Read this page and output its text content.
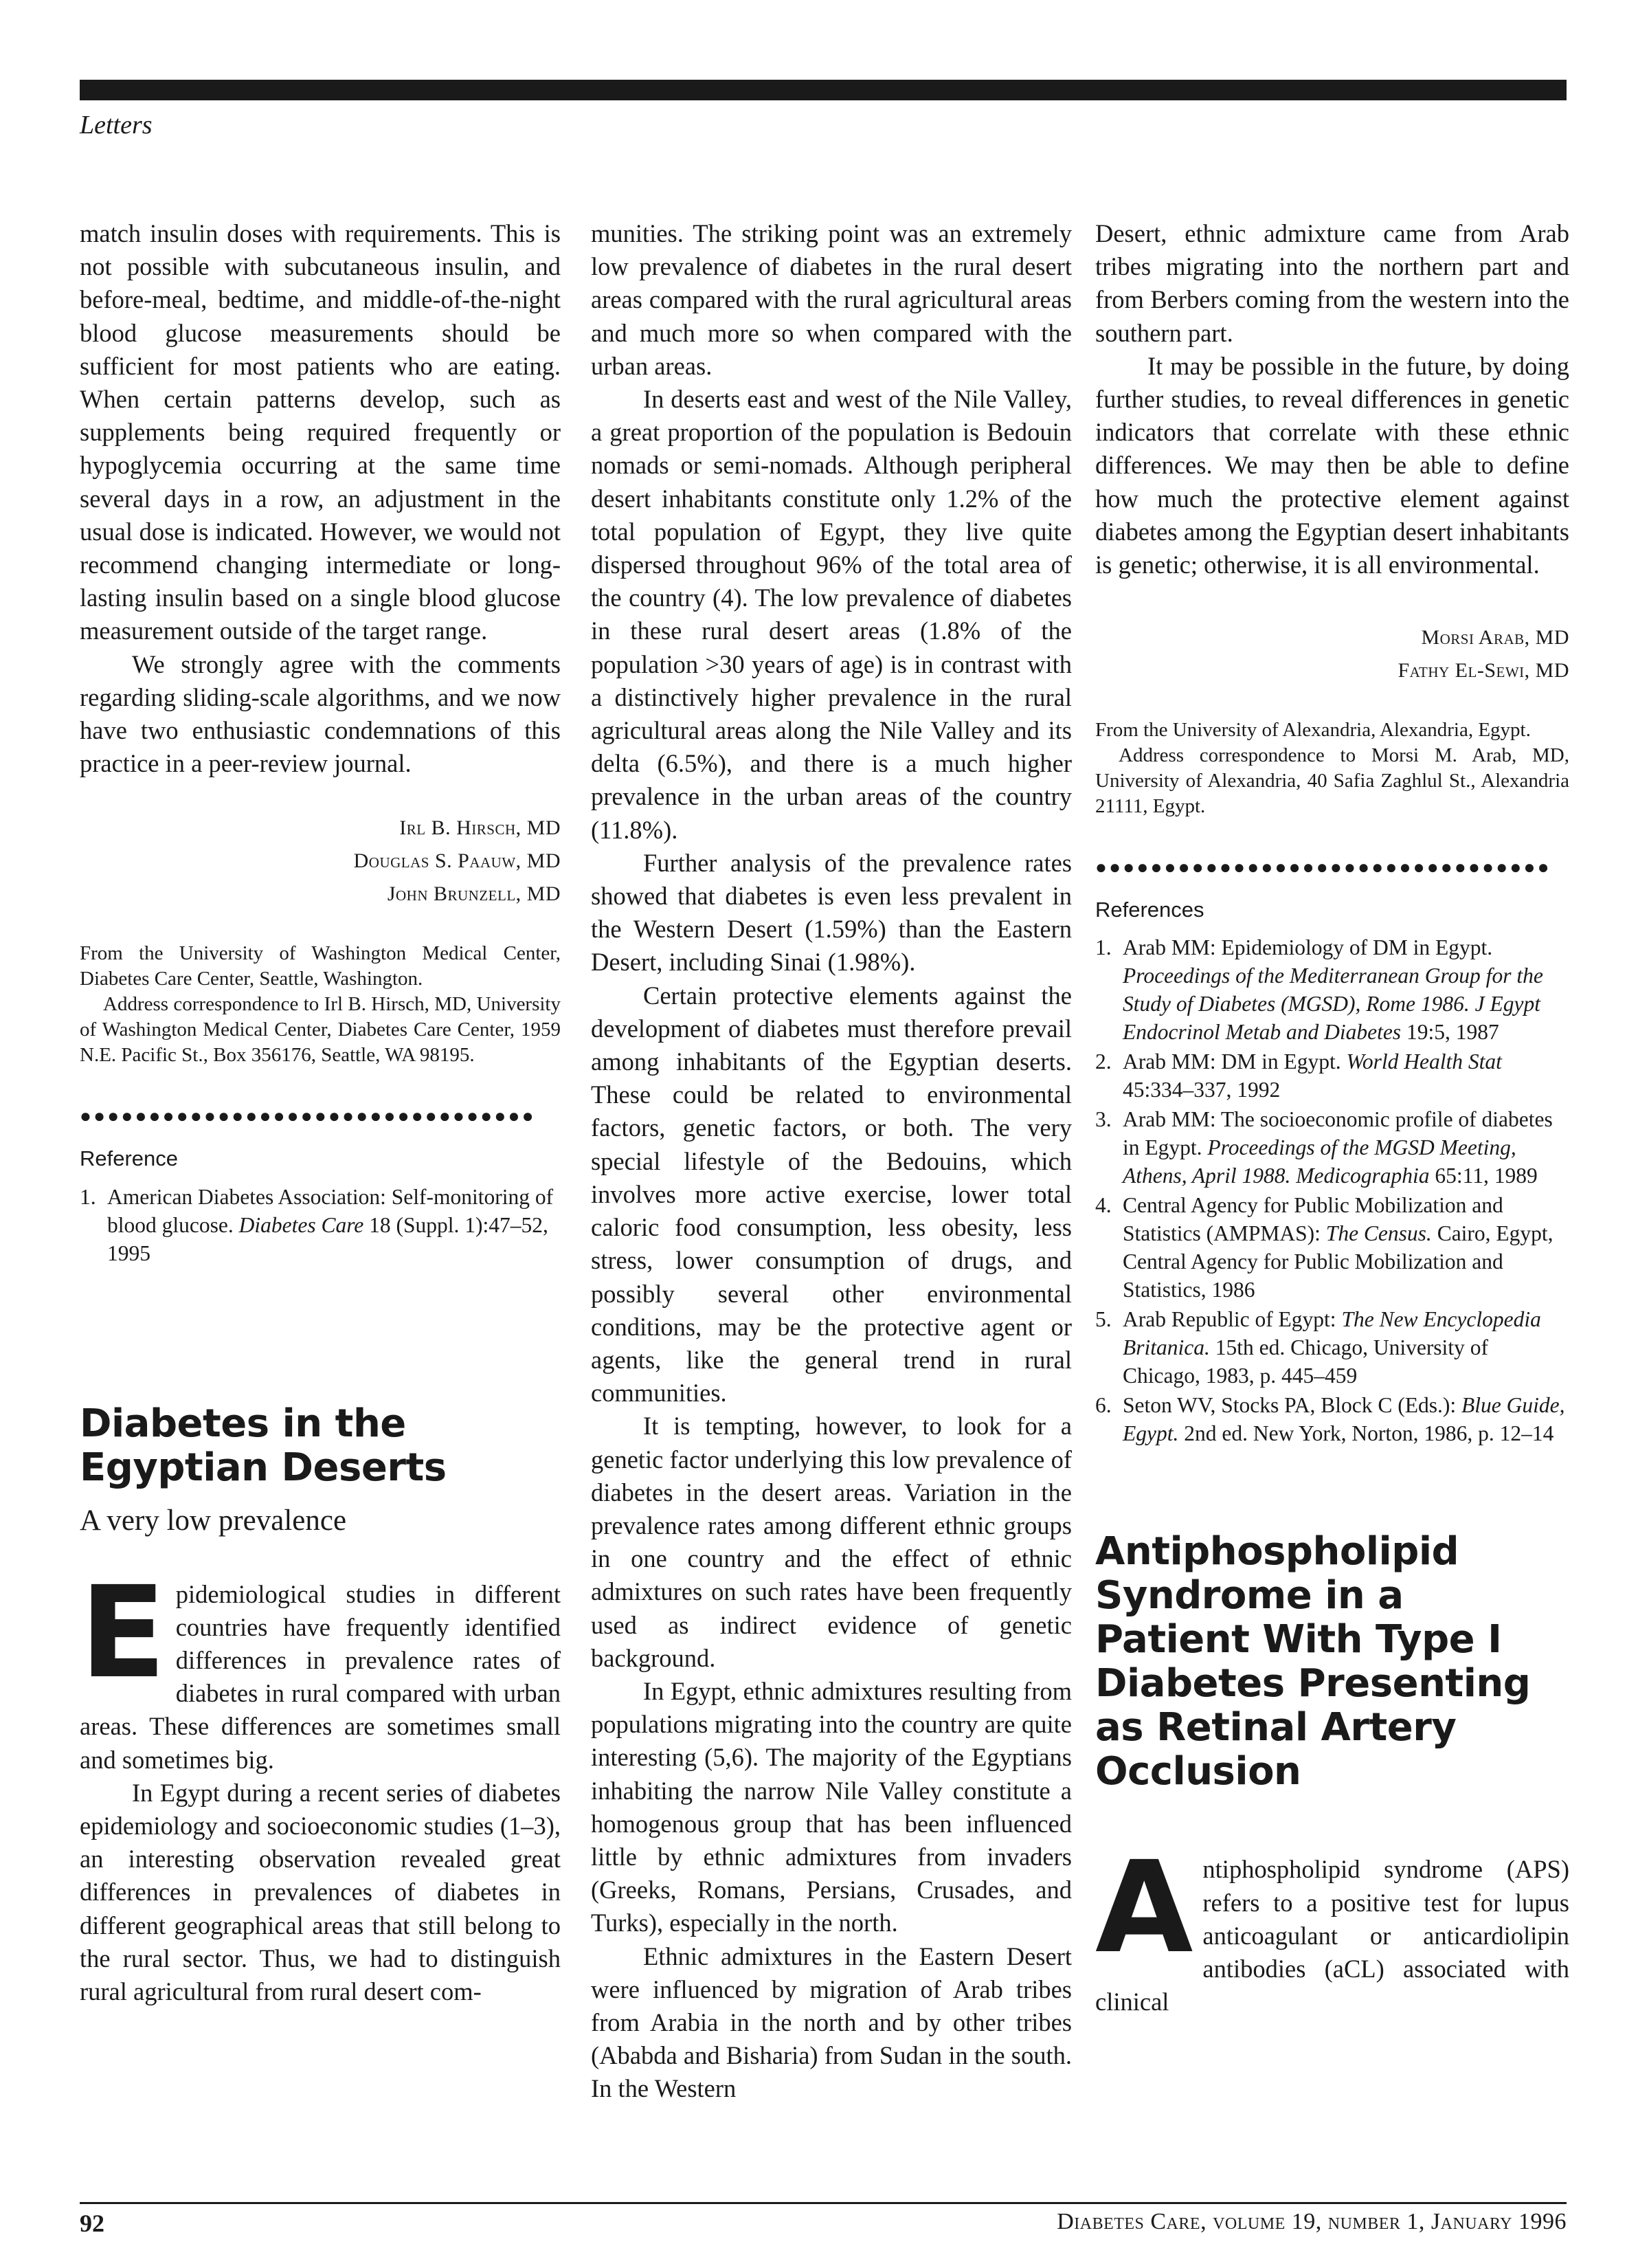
Letters

match insulin doses with requirements. This is not possible with subcutaneous insulin, and before-meal, bedtime, and middle-of-the-night blood glucose measurements should be sufficient for most patients who are eating. When certain patterns develop, such as supplements being required frequently or hypoglycemia occurring at the same time several days in a row, an adjustment in the usual dose is indicated. However, we would not recommend changing intermediate or long-lasting insulin based on a single blood glucose measurement outside of the target range.

We strongly agree with the comments regarding sliding-scale algorithms, and we now have two enthusiastic condemnations of this practice in a peer-review journal.

Irl B. Hirsch, MD
Douglas S. Paauw, MD
John Brunzell, MD

From the University of Washington Medical Center, Diabetes Care Center, Seattle, Washington.

Address correspondence to Irl B. Hirsch, MD, University of Washington Medical Center, Diabetes Care Center, 1959 N.E. Pacific St., Box 356176, Seattle, WA 98195.

●●●●●●●●●●●●●●●●●●●●●●●●●●●●●●●●●
Reference
1. American Diabetes Association: Self-monitoring of blood glucose. Diabetes Care 18 (Suppl. 1):47–52, 1995
Diabetes in the Egyptian Deserts
A very low prevalence

Epidemiological studies in different countries have frequently identified differences in prevalence rates of diabetes in rural compared with urban areas. These differences are sometimes small and sometimes big.

In Egypt during a recent series of diabetes epidemiology and socioeconomic studies (1–3), an interesting observation revealed great differences in prevalences of diabetes in different geographical areas that still belong to the rural sector. Thus, we had to distinguish rural agricultural from rural desert com-

munities. The striking point was an extremely low prevalence of diabetes in the rural desert areas compared with the rural agricultural areas and much more so when compared with the urban areas.

In deserts east and west of the Nile Valley, a great proportion of the population is Bedouin nomads or semi-nomads. Although peripheral desert inhabitants constitute only 1.2% of the total population of Egypt, they live quite dispersed throughout 96% of the total area of the country (4). The low prevalence of diabetes in these rural desert areas (1.8% of the population >30 years of age) is in contrast with a distinctively higher prevalence in the rural agricultural areas along the Nile Valley and its delta (6.5%), and there is a much higher prevalence in the urban areas of the country (11.8%).

Further analysis of the prevalence rates showed that diabetes is even less prevalent in the Western Desert (1.59%) than the Eastern Desert, including Sinai (1.98%).

Certain protective elements against the development of diabetes must therefore prevail among inhabitants of the Egyptian deserts. These could be related to environmental factors, genetic factors, or both. The very special lifestyle of the Bedouins, which involves more active exercise, lower total caloric food consumption, less obesity, less stress, lower consumption of drugs, and possibly several other environmental conditions, may be the protective agent or agents, like the general trend in rural communities.

It is tempting, however, to look for a genetic factor underlying this low prevalence of diabetes in the desert areas. Variation in the prevalence rates among different ethnic groups in one country and the effect of ethnic admixtures on such rates have been frequently used as indirect evidence of genetic background.

In Egypt, ethnic admixtures resulting from populations migrating into the country are quite interesting (5,6). The majority of the Egyptians inhabiting the narrow Nile Valley constitute a homogenous group that has been influenced little by ethnic admixtures from invaders (Greeks, Romans, Persians, Crusades, and Turks), especially in the north.

Ethnic admixtures in the Eastern Desert were influenced by migration of Arab tribes from Arabia in the north and by other tribes (Ababda and Bisharia) from Sudan in the south. In the Western

Desert, ethnic admixture came from Arab tribes migrating into the northern part and from Berbers coming from the western into the southern part.

It may be possible in the future, by doing further studies, to reveal differences in genetic indicators that correlate with these ethnic differences. We may then be able to define how much the protective element against diabetes among the Egyptian desert inhabitants is genetic; otherwise, it is all environmental.

Morsi Arab, MD
Fathy El-Sewi, MD

From the University of Alexandria, Alexandria, Egypt.

Address correspondence to Morsi M. Arab, MD, University of Alexandria, 40 Safia Zaghlul St., Alexandria 21111, Egypt.

●●●●●●●●●●●●●●●●●●●●●●●●●●●●●●●●●
References
1. Arab MM: Epidemiology of DM in Egypt. Proceedings of the Mediterranean Group for the Study of Diabetes (MGSD), Rome 1986. J Egypt Endocrinol Metab and Diabetes 19:5, 1987
2. Arab MM: DM in Egypt. World Health Stat 45:334–337, 1992
3. Arab MM: The socioeconomic profile of diabetes in Egypt. Proceedings of the MGSD Meeting, Athens, April 1988. Medicographia 65:11, 1989
4. Central Agency for Public Mobilization and Statistics (AMPMAS): The Census. Cairo, Egypt, Central Agency for Public Mobilization and Statistics, 1986
5. Arab Republic of Egypt: The New Encyclopedia Britanica. 15th ed. Chicago, University of Chicago, 1983, p. 445–459
6. Seton WV, Stocks PA, Block C (Eds.): Blue Guide, Egypt. 2nd ed. New York, Norton, 1986, p. 12–14
Antiphospholipid Syndrome in a Patient With Type I Diabetes Presenting as Retinal Artery Occlusion

Antiphospholipid syndrome (APS) refers to a positive test for lupus anticoagulant or anticardiolipin antibodies (aCL) associated with clinical

92	Diabetes Care, volume 19, number 1, January 1996
